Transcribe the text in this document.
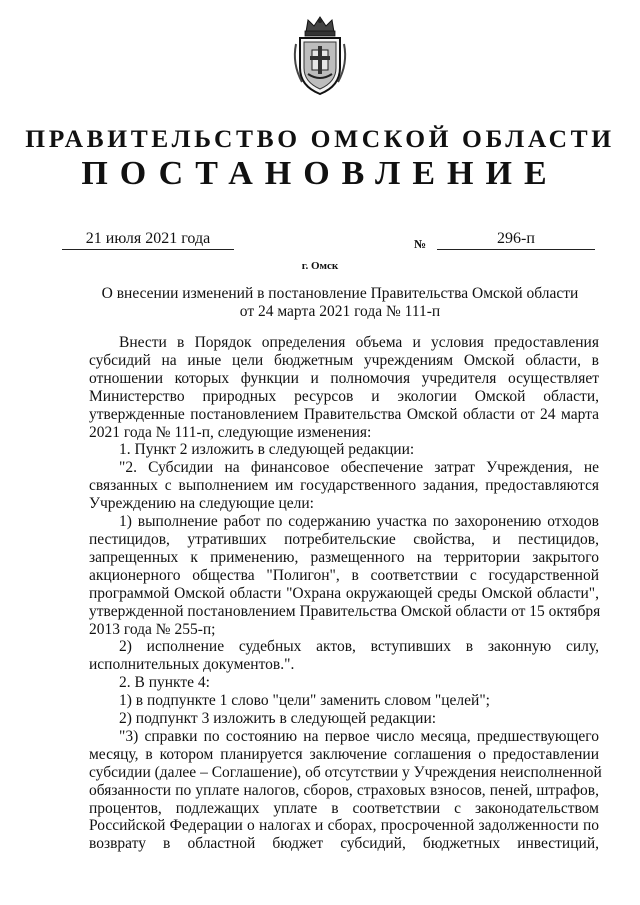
ПРАВИТЕЛЬСТВО ОМСКОЙ ОБЛАСТИ
ПОСТАНОВЛЕНИЕ
21 июля 2021 года	№	296-п
г. Омск
О внесении изменений в постановление Правительства Омской области
от 24 марта 2021 года № 111-п
Внести в Порядок определения объема и условия предоставления
субсидий на иные цели бюджетным учреждениям Омской области, в
отношении которых функции и полномочия учредителя осуществляет
Министерство природных ресурсов и экологии Омской области,
утвержденные постановлением Правительства Омской области от 24 марта
2021 года № 111-п, следующие изменения:
1. Пункт 2 изложить в следующей редакции:
"2. Субсидии на финансовое обеспечение затрат Учреждения, не
связанных с выполнением им государственного задания, предоставляются
Учреждению на следующие цели:
1) выполнение работ по содержанию участка по захоронению отходов
пестицидов, утративших потребительские свойства, и пестицидов,
запрещенных к применению, размещенного на территории закрытого
акционерного общества "Полигон", в соответствии с государственной
программой Омской области "Охрана окружающей среды Омской области",
утвержденной постановлением Правительства Омской области от 15 октября
2013 года № 255-п;
2) исполнение судебных актов, вступивших в законную силу,
исполнительных документов.".
2. В пункте 4:
1) в подпункте 1 слово "цели" заменить словом "целей";
2) подпункт 3 изложить в следующей редакции:
"3) справки по состоянию на первое число месяца, предшествующего
месяцу, в котором планируется заключение соглашения о предоставлении
субсидии (далее – Соглашение), об отсутствии у Учреждения неисполненной
обязанности по уплате налогов, сборов, страховых взносов, пеней, штрафов,
процентов, подлежащих уплате в соответствии с законодательством
Российской Федерации о налогах и сборах, просроченной задолженности по
возврату в областной бюджет субсидий, бюджетных инвестиций,
